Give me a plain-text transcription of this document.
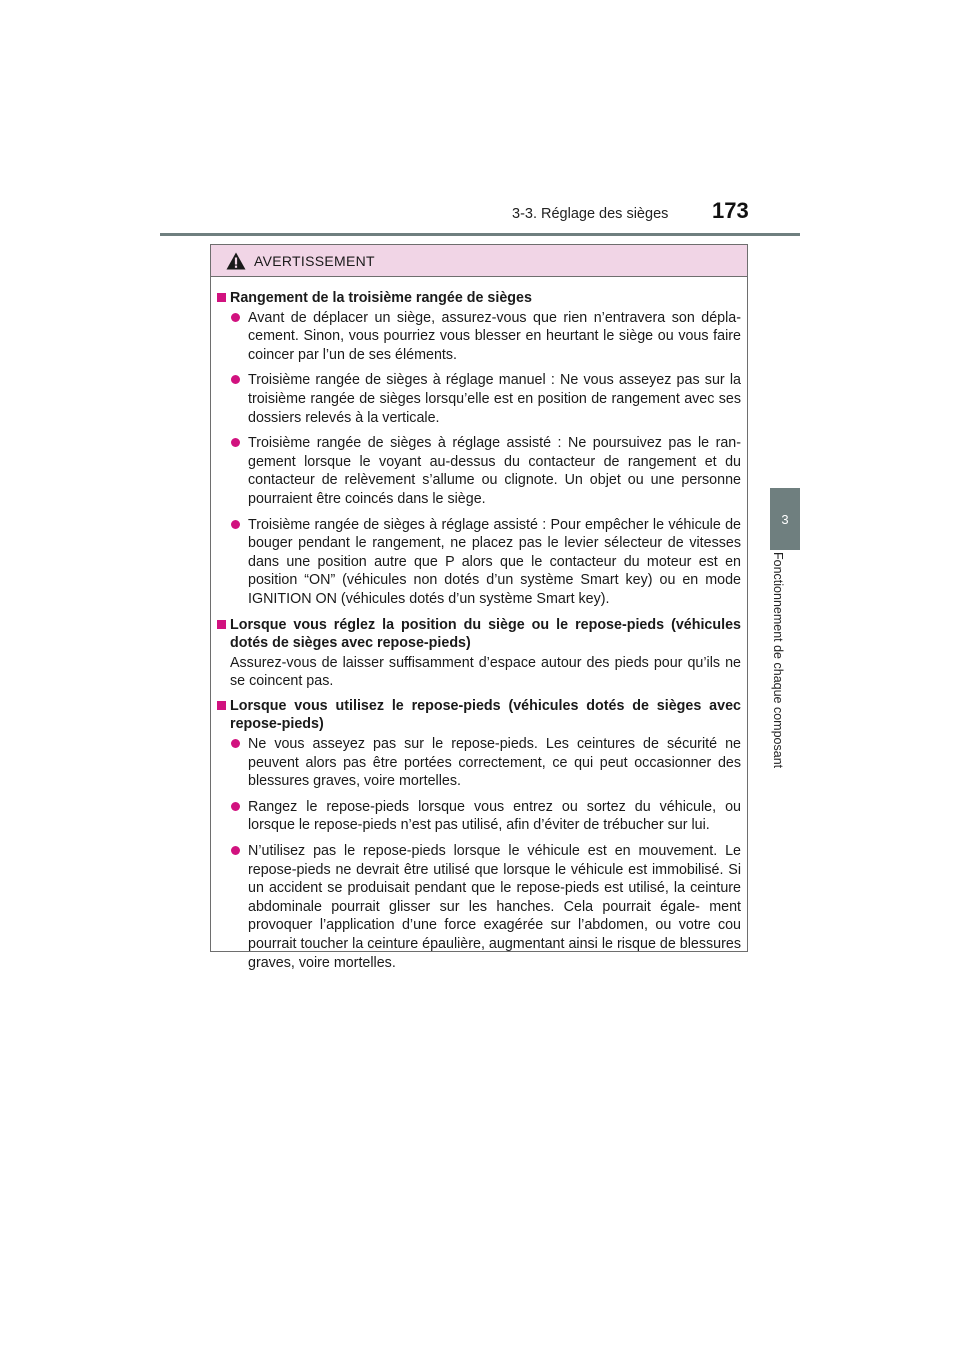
3-3. Réglage des sièges 173
3
Fonctionnement de chaque composant
AVERTISSEMENT
Rangement de la troisième rangée de sièges
Avant de déplacer un siège, assurez-vous que rien n’entravera son dépla- cement. Sinon, vous pourriez vous blesser en heurtant le siège ou vous faire coincer par l’un de ses éléments.
Troisième rangée de sièges à réglage manuel : Ne vous asseyez pas sur la troisième rangée de sièges lorsqu’elle est en position de rangement avec ses dossiers relevés à la verticale.
Troisième rangée de sièges à réglage assisté : Ne poursuivez pas le ran- gement lorsque le voyant au-dessus du contacteur de rangement et du contacteur de relèvement s’allume ou clignote. Un objet ou une personne pourraient être coincés dans le siège.
Troisième rangée de sièges à réglage assisté : Pour empêcher le véhicule de bouger pendant le rangement, ne placez pas le levier sélecteur de vitesses dans une position autre que P alors que le contacteur du moteur est en position “ON” (véhicules non dotés d’un système Smart key) ou en mode IGNITION ON (véhicules dotés d’un système Smart key).
Lorsque vous réglez la position du siège ou le repose-pieds (véhicules dotés de sièges avec repose-pieds)
Assurez-vous de laisser suffisamment d’espace autour des pieds pour qu’ils ne se coincent pas.
Lorsque vous utilisez le repose-pieds (véhicules dotés de sièges avec repose-pieds)
Ne vous asseyez pas sur le repose-pieds. Les ceintures de sécurité ne peuvent alors pas être portées correctement, ce qui peut occasionner des blessures graves, voire mortelles.
Rangez le repose-pieds lorsque vous entrez ou sortez du véhicule, ou lorsque le repose-pieds n’est pas utilisé, afin d’éviter de trébucher sur lui.
N’utilisez pas le repose-pieds lorsque le véhicule est en mouvement. Le repose-pieds ne devrait être utilisé que lorsque le véhicule est immobilisé. Si un accident se produisait pendant que le repose-pieds est utilisé, la ceinture abdominale pourrait glisser sur les hanches. Cela pourrait égale- ment provoquer l’application d’une force exagérée sur l’abdomen, ou votre cou pourrait toucher la ceinture épaulière, augmentant ainsi le risque de blessures graves, voire mortelles.
